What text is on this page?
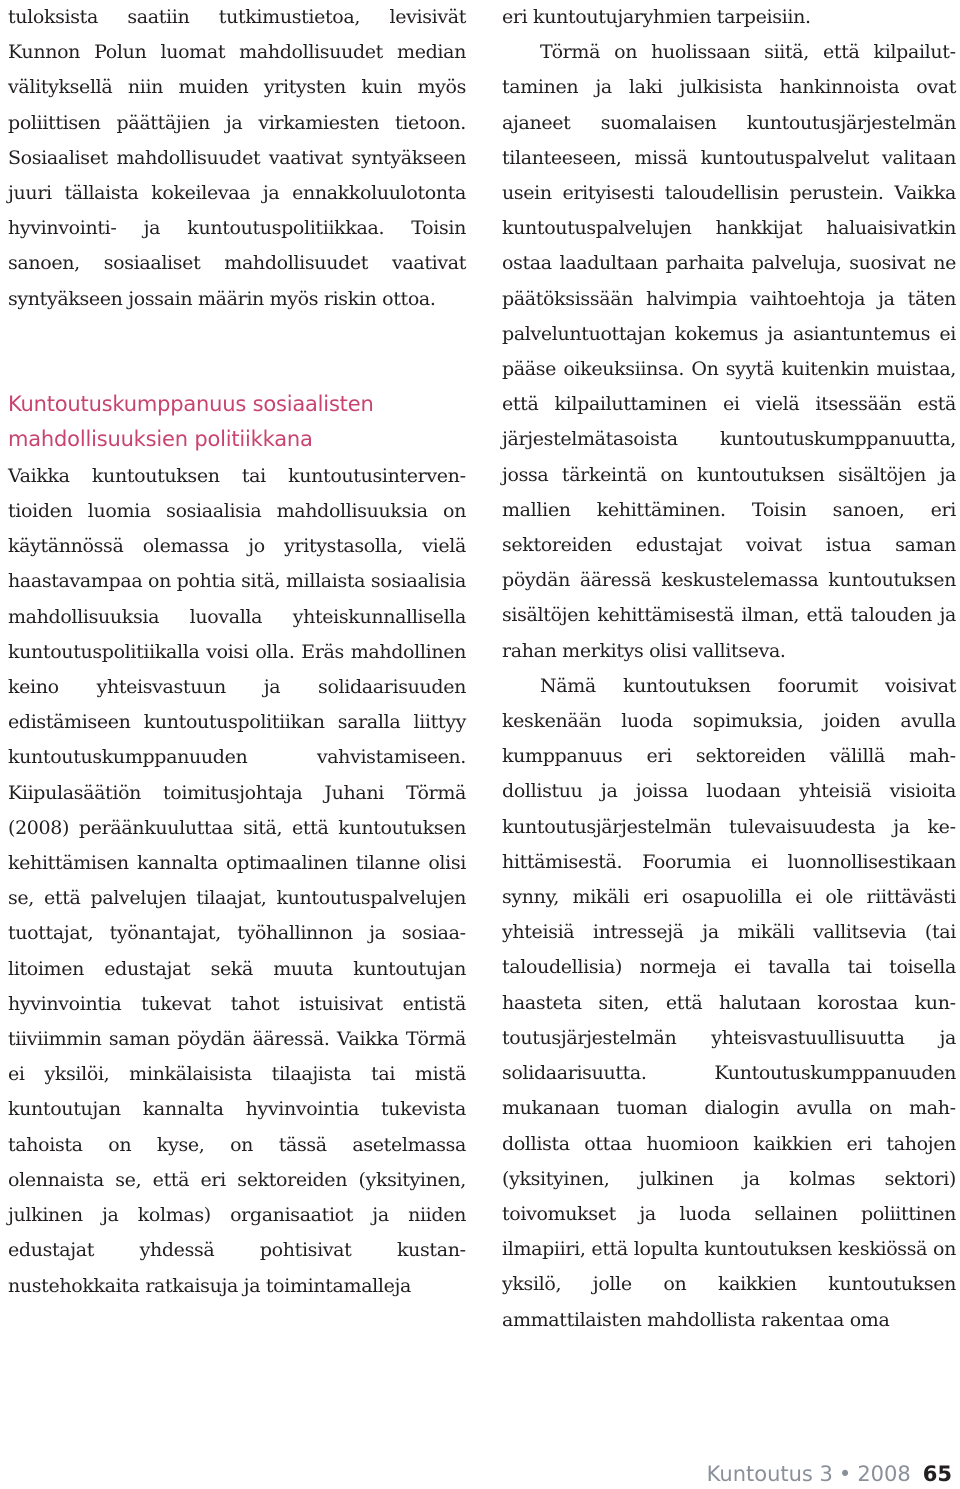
tuloksista saatiin tutkimustietoa, levisivät Kunnon Polun luomat mahdollisuudet median välityksellä niin muiden yritysten kuin myös poliittisen päättäjien ja virkamiesten tietoon. Sosiaaliset mahdollisuudet vaativat syntyäkseen juuri tällaista kokeilevaa ja ennakkoluulotonta hyvinvointi- ja kuntoutuspolitiikkaa. Toisin sanoen, sosiaaliset mahdollisuudet vaativat syntyäkseen jossain määrin myös riskin ottoa.

Kuntoutuskumppanuus sosiaalisten
mahdollisuuksien politiikkana

Vaikka kuntoutuksen tai kuntoutusinterventioiden luomia sosiaalisia mahdollisuuksia on käytännössä olemassa jo yritystasolla, vielä haastavampaa on pohtia sitä, millaista sosiaalisia mahdollisuuksia luovalla yhteiskunnallisella kuntoutuspolitiikalla voisi olla. Eräs mahdollinen keino yhteisvastuun ja solidaarisuuden edistämiseen kuntoutuspolitiikan saralla liittyy kuntoutuskumppanuuden vahvistamiseen. Kiipulasäätiön toimitusjohtaja Juhani Törmä (2008) peräänkuuluttaa sitä, että kuntoutuksen kehittämisen kannalta optimaalinen tilanne olisi se, että palvelujen tilaajat, kuntoutuspalvelujen tuottajat, työnantajat, työhallinnon ja sosiaalitoimen edustajat sekä muuta kuntoutujan hyvinvointia tukevat tahot istuisivat entistä tiiviimmin saman pöydän ääressä. Vaikka Törmä ei yksilöi, minkälaisista tilaajista tai mistä kuntoutujan kannalta hyvinvointia tukevista tahoista on kyse, on tässä asetelmassa olennaista se, että eri sektoreiden (yksityinen, julkinen ja kolmas) organisaatiot ja niiden edustajat yhdessä pohtisivat kustannustehokkaita ratkaisuja ja toimintamalleja

eri kuntoutujaryhmien tarpeisiin.

Törmä on huolissaan siitä, että kilpailuttaminen ja laki julkisista hankinnoista ovat ajaneet suomalaisen kuntoutusjärjestelmän tilanteeseen, missä kuntoutuspalvelut valitaan usein erityisesti taloudellisin perustein. Vaikka kuntoutuspalvelujen hankkijat haluaisivatkin ostaa laadultaan parhaita palveluja, suosivat ne päätöksissään halvimpia vaihtoehtoja ja täten palveluntuottajan kokemus ja asiantuntemus ei pääse oikeuksiinsa. On syytä kuitenkin muistaa, että kilpailuttaminen ei vielä itsessään estä järjestelmätasoista kuntoutuskumppanuutta, jossa tärkeintä on kuntoutuksen sisältöjen ja mallien kehittäminen. Toisin sanoen, eri sektoreiden edustajat voivat istua saman pöydän ääressä keskustelemassa kuntoutuksen sisältöjen kehittämisestä ilman, että talouden ja rahan merkitys olisi vallitseva.

Nämä kuntoutuksen foorumit voisivat keskenään luoda sopimuksia, joiden avulla kumppanuus eri sektoreiden välillä mahdollistuu ja joissa luodaan yhteisiä visioita kuntoutusjärjestelmän tulevaisuudesta ja kehittämisestä. Foorumia ei luonnollisestikaan synny, mikäli eri osapuolilla ei ole riittävästi yhteisiä intressejä ja mikäli vallitsevia (tai taloudellisia) normeja ei tavalla tai toisella haasteta siten, että halutaan korostaa kuntoutusjärjestelmän yhteisvastuullisuutta ja solidaarisuutta. Kuntoutuskumppanuuden mukanaan tuoman dialogin avulla on mahdollista ottaa huomioon kaikkien eri tahojen (yksityinen, julkinen ja kolmas sektori) toivomukset ja luoda sellainen poliittinen ilmapiiri, että lopulta kuntoutuksen keskiössä on yksilö, jolle on kaikkien kuntoutuksen ammattilaisten mahdollista rakentaa oma

Kuntoutus 3 • 2008 65
